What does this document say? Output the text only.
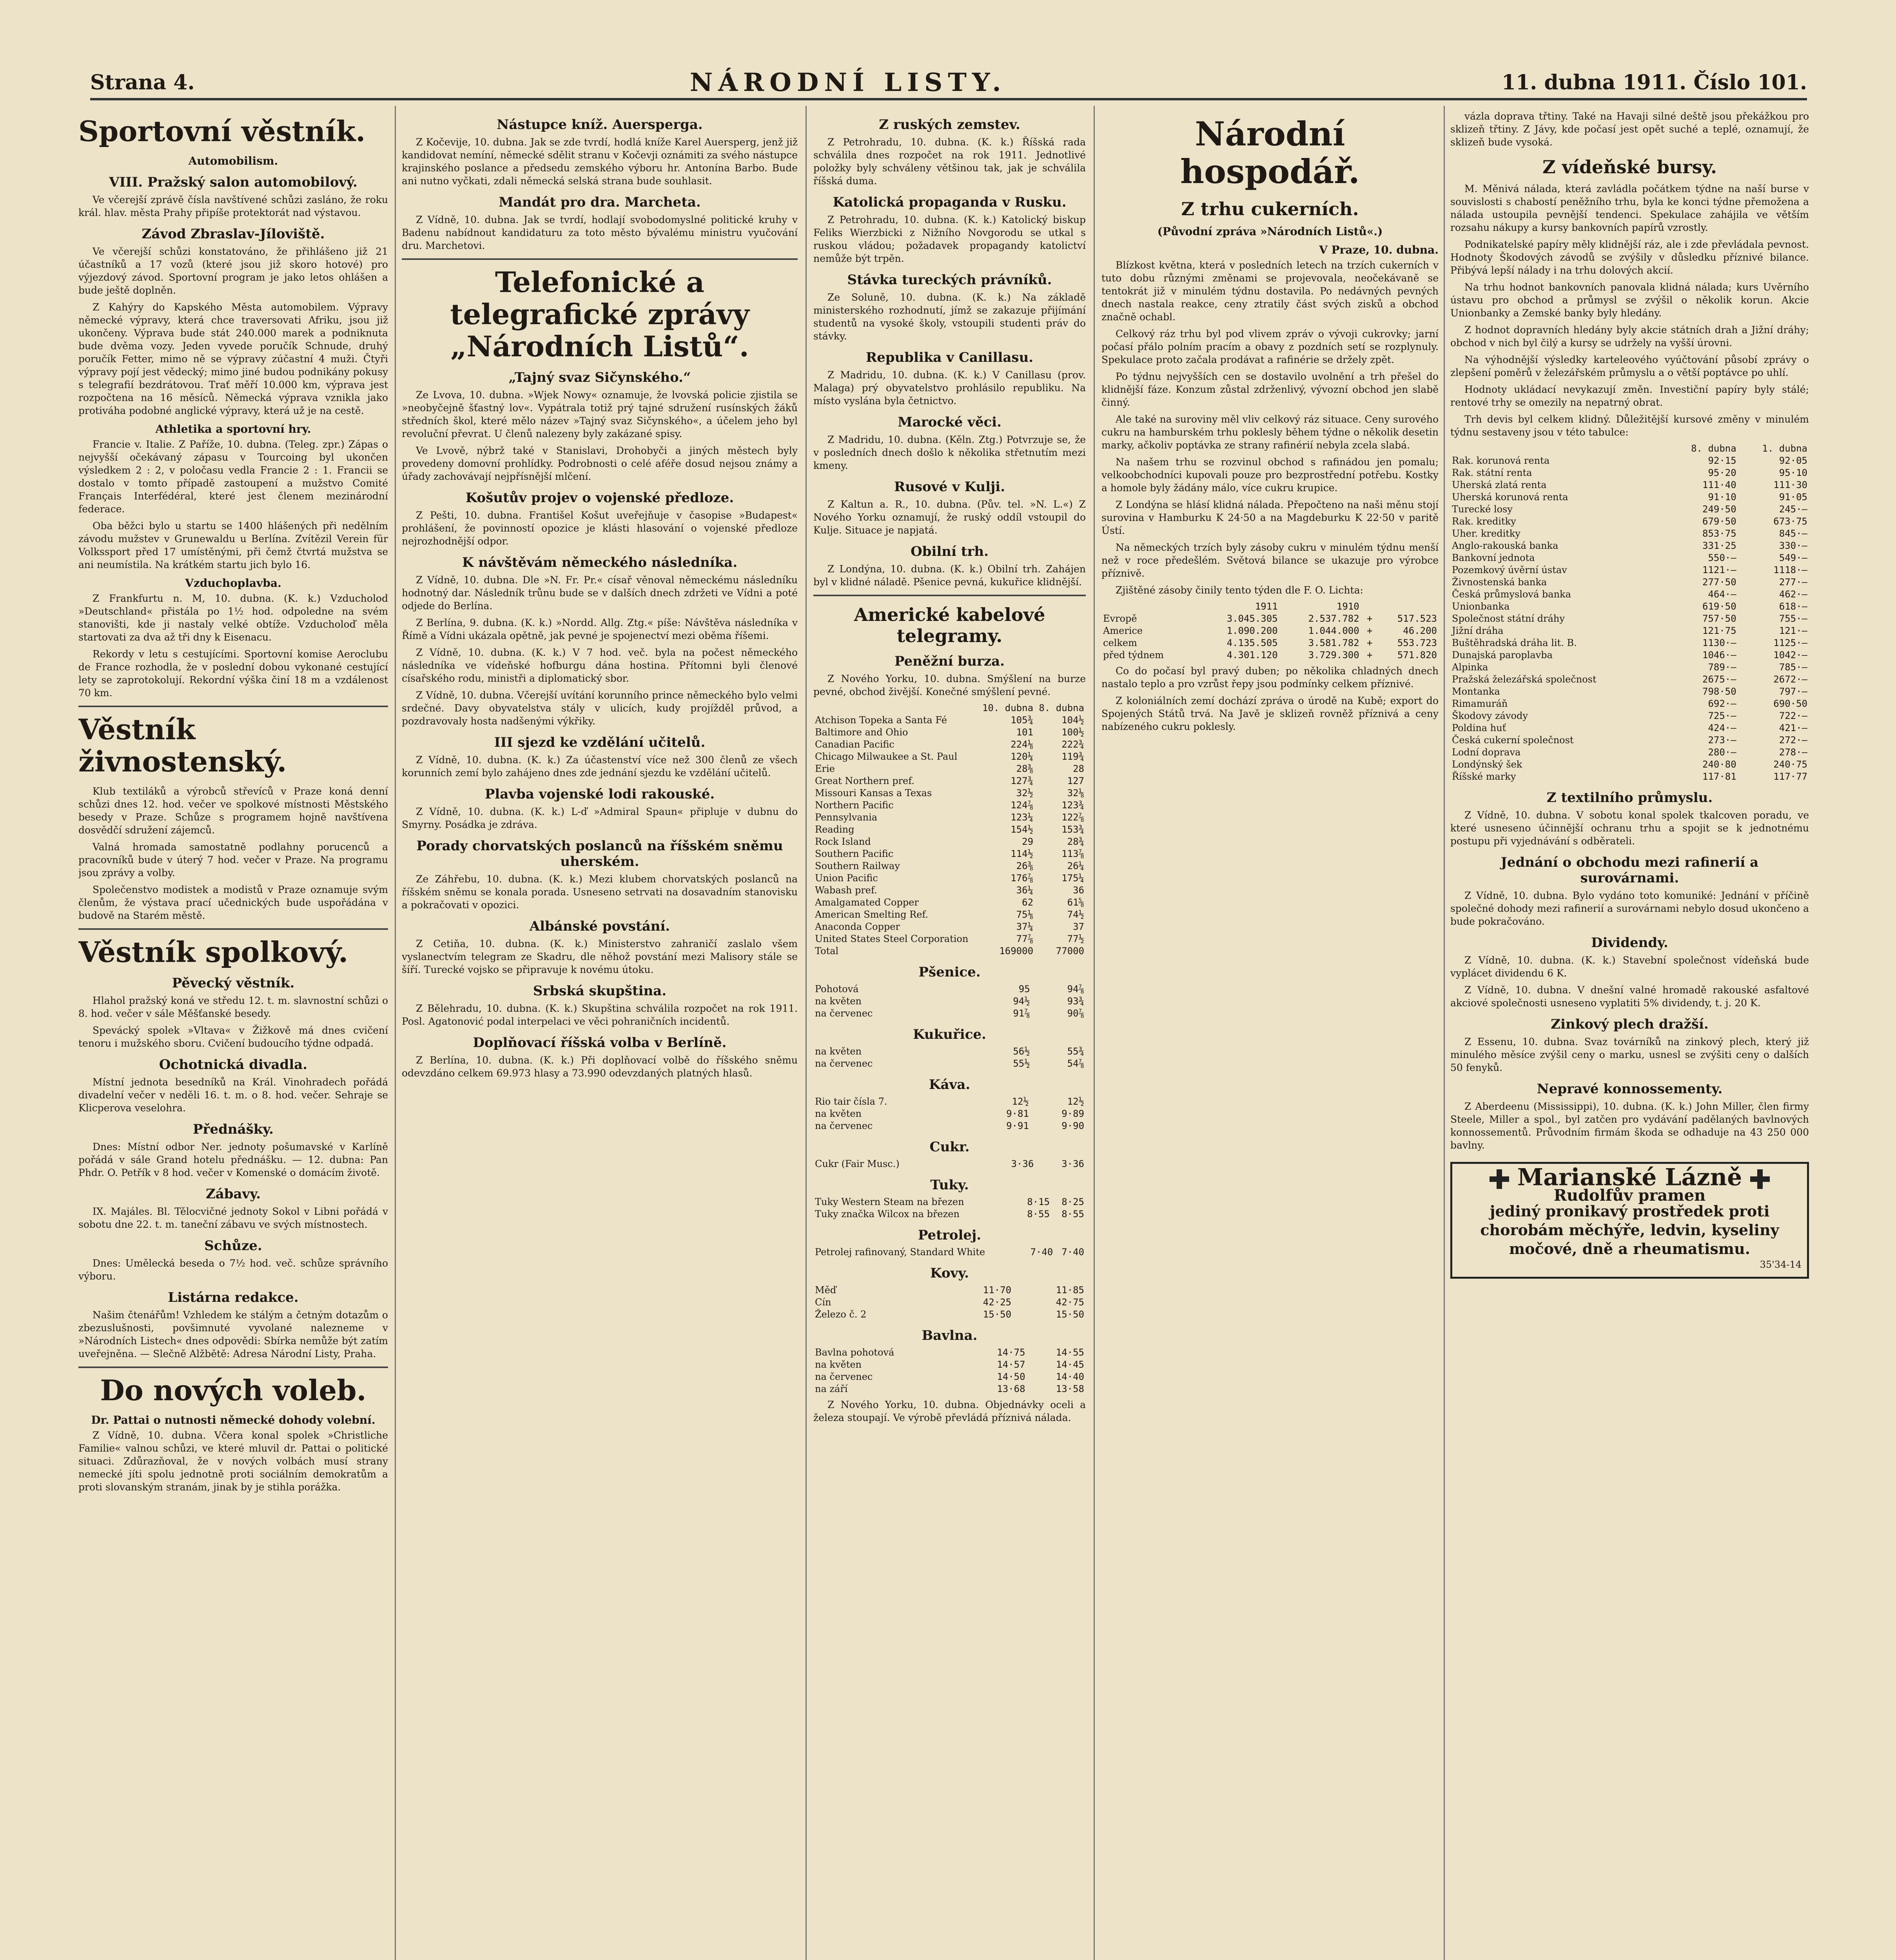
Strana 4.	NÁRODNÍ LISTY.	11. dubna 1911. Číslo 101.
Sportovní věstník.
Automobilism.
VIII. Pražský salon automobilový.

Ve včerejší zprávě čísla navštívené schůzi zasláno, že roku král. hlav. města Prahy připíše protektorát nad výstavou.

Závod Zbraslav-Jíloviště.

Ve včerejší schůzi konstatováno, že přihlášeno již 21 účastníků a 17 vozů (které jsou již skoro hotové) pro výjezdový závod. Sportovní program je jako letos ohlášen a bude ještě doplněn.

Z Kahýry do Kapského Města automobilem. Výpravy německé výpravy, která chce traversovati Afriku, jsou již ukončeny. Výprava bude stát 240.000 marek a podniknuta bude dvěma vozy. Jeden vyvede poručík Schnude, druhý poručík Fetter, mimo ně se výpravy zúčastní 4 muži. Čtyři výpravy pojí jest vědecký; mimo jiné budou podnikány pokusy s telegrafií bezdrátovou. Trať měří 10.000 km, výprava jest rozpočtena na 16 měsíců. Německá výprava vznikla jako protiváha podobné anglické výpravy, která už je na cestě.

Athletika a sportovní hry.

Francie v. Italie. Z Paříže, 10. dubna. (Teleg. zpr.) Zápas o nejvyšší očekávaný zápasu v Tourcoing byl ukončen výsledkem 2 : 2, v poločasu vedla Francie 2 : 1. Francii se dostalo v tomto případě zastoupení a mužstvo Comité Français Interfédéral, které jest členem mezinárodní federace.

Oba běžci bylo u startu se 1400 hlášených při nedělním závodu mužstev v Grunewaldu u Berlína. Zvítězil Verein für Volkssport před 17 umístěnými, při čemž čtvrtá mužstva se ani neumístila. Na krátkém startu jich bylo 16.

Vzduchoplavba.

Z Frankfurtu n. M, 10. dubna. (K. k.) Vzducholoď »Deutschland« přistála po 1½ hod. odpoledne na svém stanovišti, kde ji nastaly velké obtíže. Vzducholoď měla startovati za dva až tři dny k Eisenacu.

Rekordy v letu s cestujícími. Sportovní komise Aeroclubu de France rozhodla, že v poslední dobou vykonané cestující lety se zaprotokolují. Rekordní výška činí 18 m a vzdálenost 70 km.

Věstník živnostenský.

Klub textiláků a výrobců střevíců v Praze koná denní schůzi dnes 12. hod. večer ve spolkové místnosti Městského besedy v Praze. Schůze s programem hojně navštívena dosvědčí sdružení zájemců.

Valná hromada samostatně podlahny porucenců a pracovníků bude v úterý 7 hod. večer v Praze. Na programu jsou zprávy a volby.

Společenstvo modistek a modistů v Praze oznamuje svým členům, že výstava prací učednických bude uspořádána v budově na Starém městě.

Věstník spolkový.
Pěvecký věstník.

Hlahol pražský koná ve středu 12. t. m. slavnostní schůzi o 8. hod. večer v sále Měšťanské besedy.

Spevácký spolek »Vltava« v Žižkově má dnes cvičení tenoru i mužského sboru. Cvičení budoucího týdne odpadá.

Ochotnická divadla.

Místní jednota besedníků na Král. Vinohradech pořádá divadelní večer v neděli 16. t. m. o 8. hod. večer. Sehraje se Klicperova veselohra.

Přednášky.

Dnes: Místní odbor Ner. jednoty pošumavské v Karlíně pořádá v sále Grand hotelu přednášku. — 12. dubna: Pan Phdr. O. Petřík v 8 hod. večer v Komenské o domácím životě.

Zábavy.

IX. Majáles. Bl. Tělocvičné jednoty Sokol v Libni pořádá v sobotu dne 22. t. m. taneční zábavu ve svých místnostech.

Schůze.

Dnes: Umělecká beseda o 7½ hod. več. schůze správního výboru.

Listárna redakce.

Našim čtenářům! Vzhledem ke stálým a četným dotazům o zbezuslušnosti, povšimnuté vyvolané nalezneme v »Národních Listech« dnes odpovědi: Sbírka nemůže být zatím uveřejněna. — Slečně Alžbětě: Adresa Národní Listy, Praha.

Do nových voleb.
Dr. Pattai o nutnosti německé dohody volební.

Z Vídně, 10. dubna. Včera konal spolek »Christliche Familie« valnou schůzi, ve které mluvil dr. Pattai o politické situaci. Zdůrazňoval, že v nových volbách musí strany nemecké jíti spolu jednotně proti sociálním demokratům a proti slovanským stranám, jinak by je stihla porážka.

Nástupce kníž. Auersperga.

Z Kočevije, 10. dubna. Jak se zde tvrdí, hodlá kníže Karel Auersperg, jenž již kandidovat nemíní, německé sdělit stranu v Kočevji oznámiti za svého nástupce krajinského poslance a předsedu zemského výboru hr. Antonína Barbo. Bude ani nutno vyčkati, zdali německá selská strana bude souhlasit.

Mandát pro dra. Marcheta.

Z Vídně, 10. dubna. Jak se tvrdí, hodlají svobodomyslné politické kruhy v Badenu nabídnout kandidaturu za toto město bývalému ministru vyučování dru. Marchetovi.

Telefonické a telegrafické zprávy „Národních Listů“.
„Tajný svaz Sičynského.“

Ze Lvova, 10. dubna. »Wjek Nowy« oznamuje, že lvovská policie zjistila se »neobyčejně šťastný lov«. Vypátrala totiž prý tajné sdružení rusínských žáků středních škol, které mělo název »Tajný svaz Sičynského«, a účelem jeho byl revoluční převrat. U členů nalezeny byly zakázané spisy.

Ve Lvově, nýbrž také v Stanislavi, Drohobyči a jiných městech byly provedeny domovní prohlídky. Podrobnosti o celé aféře dosud nejsou známy a úřady zachovávají nejpřísnější mlčení.

Košutův projev o vojenské předloze.

Z Pešti, 10. dubna. Františel Košut uveřejňuje v časopise »Budapest« prohlášení, že povinností opozice je klásti hlasování o vojenské předloze nejrozhodnější odpor.

K návštěvám německého následníka.

Z Vídně, 10. dubna. Dle »N. Fr. Pr.« císař věnoval německému následníku hodnotný dar. Následník trůnu bude se v dalších dnech zdržeti ve Vídni a poté odjede do Berlína.

Z Berlína, 9. dubna. (K. k.) »Nordd. Allg. Ztg.« píše: Návštěva následníka v Římě a Vídni ukázala opětně, jak pevné je spojenectví mezi oběma říšemi.

Z Vídně, 10. dubna. (K. k.) V 7 hod. več. byla na počest německého následníka ve vídeňské hofburgu dána hostina. Přítomni byli členové císařského rodu, ministři a diplomatický sbor.

Z Vídně, 10. dubna. Včerejší uvítání korunního prince německého bylo velmi srdečné. Davy obyvatelstva stály v ulicích, kudy projížděl průvod, a pozdravovaly hosta nadšenými výkřiky.

III sjezd ke vzdělání učitelů.

Z Vídně, 10. dubna. (K. k.) Za účastenství více než 300 členů ze všech korunních zemí bylo zahájeno dnes zde jednání sjezdu ke vzdělání učitelů.

Plavba vojenské lodi rakouské.

Z Vídně, 10. dubna. (K. k.) L-ď »Admiral Spaun« připluje v dubnu do Smyrny. Posádka je zdráva.

Porady chorvatských poslanců na říšském sněmu uherském.

Ze Záhřebu, 10. dubna. (K. k.) Mezi klubem chorvatských poslanců na říšském sněmu se konala porada. Usneseno setrvati na dosavadním stanovisku a pokračovati v opozici.

Albánské povstání.

Z Cetiňa, 10. dubna. (K. k.) Ministerstvo zahraničí zaslalo všem vyslanectvím telegram ze Skadru, dle něhož povstání mezi Malisory stále se šíří. Turecké vojsko se připravuje k novému útoku.

Srbská skupština.

Z Bělehradu, 10. dubna. (K. k.) Skupština schválila rozpočet na rok 1911. Posl. Agatonović podal interpelaci ve věci pohraničních incidentů.

Doplňovací říšská volba v Berlíně.

Z Berlína, 10. dubna. (K. k.) Při doplňovací volbě do říšského sněmu odevzdáno celkem 69.973 hlasy a 73.990 odevzdaných platných hlasů.

Z ruských zemstev.

Z Petrohradu, 10. dubna. (K. k.) Říšská rada schválila dnes rozpočet na rok 1911. Jednotlivé položky byly schváleny většinou tak, jak je schválila říšská duma.

Katolická propaganda v Rusku.

Z Petrohradu, 10. dubna. (K. k.) Katolický biskup Feliks Wierzbicki z Nižního Novgorodu se utkal s ruskou vládou; požadavek propagandy katolictví nemůže být trpěn.

Stávka tureckých právníků.

Ze Soluně, 10. dubna. (K. k.) Na základě ministerského rozhodnutí, jímž se zakazuje přijímání studentů na vysoké školy, vstoupili studenti práv do stávky.

Republika v Canillasu.

Z Madridu, 10. dubna. (K. k.) V Canillasu (prov. Malaga) prý obyvatelstvo prohlásilo republiku. Na místo vyslána byla četnictvo.

Marocké věci.

Z Madridu, 10. dubna. (Kěln. Ztg.) Potvrzuje se, že v posledních dnech došlo k několika střetnutím mezi kmeny.

Rusové v Kulji.

Z Kaltun a. R., 10. dubna. (Pův. tel. »N. L.«) Z Nového Yorku oznamují, že ruský oddíl vstoupil do Kulje. Situace je napjatá.

Obilní trh.

Z Londýna, 10. dubna. (K. k.) Obilní trh. Zahájen byl v klidné náladě. Pšenice pevná, kukuřice klidnější.

Americké kabelové telegramy.
Peněžní burza.

Z Nového Yorku, 10. dubna. Smýšlení na burze pevné, obchod živější. Konečné smýšlení pevné.

	10. dubna	8. dubna
Atchison Topeka a Santa Fé	105¾	104½
Baltimore and Ohio	101	100½
Canadian Pacific	224⅛	222¾
Chicago Milwaukee a St. Paul	120¼	119¾
Erie	28⅜	28
Great Northern pref.	127¾	127
Missouri Kansas a Texas	32½	32⅛
Northern Pacific	124⅞	123¾
Pennsylvania	123¼	122⅞
Reading	154½	153¾
Rock Island	29	28¾
Southern Pacific	114½	113⅞
Southern Railway	26⅜	26¼
Union Pacific	176⅞	175¼
Wabash pref.	36¼	36
Amalgamated Copper	62	61⅝
American Smelting Ref.	75⅛	74½
Anaconda Copper	37¼	37
United States Steel Corporation	77⅞	77½
Total	169000	77000
Pšenice.
Pohotová	95	94⅞
na květen	94½	93¾
na červenec	91⅞	90⅞
Kukuřice.
na květen	56½	55¾
na červenec	55½	54⅞
Káva.
Rio tair čísla 7.	12½	12½
na květen	9·81	9·89
na červenec	9·91	9·90
Cukr.
Cukr (Fair Musc.)	3·36	3·36
Tuky.
Tuky Western Steam na březen	8·15	8·25
Tuky značka Wilcox na březen	8·55	8·55
Petrolej.
Petrolej rafinovaný, Standard White	7·40	7·40
Kovy.
Měď	11·70	11·85
Cín	42·25	42·75
Železo č. 2	15·50	15·50
Bavlna.
Bavlna pohotová	14·75	14·55
na květen	14·57	14·45
na červenec	14·50	14·40
na září	13·68	13·58

Z Nového Yorku, 10. dubna. Objednávky oceli a železa stoupají. Ve výrobě převládá příznivá nálada.

Národní hospodář.
Z trhu cukerních.
(Původní zpráva »Národních Listů«.)
V Praze, 10. dubna.

Blízkost května, která v posledních letech na trzích cukerních v tuto dobu různými změnami se projevovala, neočekávaně se tentokrát již v minulém týdnu dostavila. Po nedávných pevných dnech nastala reakce, ceny ztratily část svých zisků a obchod značně ochabl.

Celkový ráz trhu byl pod vlivem zpráv o vývoji cukrovky; jarní počasí přálo polním pracím a obavy z pozdních setí se rozplynuly. Spekulace proto začala prodávat a rafinérie se držely zpět.

Po týdnu nejvyšších cen se dostavilo uvolnění a trh přešel do klidnější fáze. Konzum zůstal zdrženlivý, vývozní obchod jen slabě činný.

Ale také na suroviny měl vliv celkový ráz situace. Ceny surového cukru na hamburském trhu poklesly během týdne o několik desetin marky, ačkoliv poptávka ze strany rafinérií nebyla zcela slabá.

Na našem trhu se rozvinul obchod s rafinádou jen pomalu; velkoobchodníci kupovali pouze pro bezprostřední potřebu. Kostky a homole byly žádány málo, více cukru krupice.

Z Londýna se hlásí klidná nálada. Přepočteno na naši měnu stojí surovina v Hamburku K 24·50 a na Magdeburku K 22·50 v paritě Ústí.

Na německých trzích byly zásoby cukru v minulém týdnu menší než v roce předešlém. Světová bilance se ukazuje pro výrobce příznivě.

Zjištěné zásoby činily tento týden dle F. O. Lichta:

	1911	1910		
Evropě	3.045.305	2.537.782	+	517.523
Americe	1.090.200	1.044.000	+	46.200
celkem	4.135.505	3.581.782	+	553.723
před týdnem	4.301.120	3.729.300	+	571.820

Co do počasí byl pravý duben; po několika chladných dnech nastalo teplo a pro vzrůst řepy jsou podmínky celkem příznivé.

Z koloniálních zemí dochází zpráva o úrodě na Kubě; export do Spojených Států trvá. Na Javě je sklizeň rovněž příznivá a ceny nabízeného cukru poklesly.

vázla doprava třtiny. Také na Havaji silné deště jsou překážkou pro sklizeň třtiny. Z Jávy, kde počasí jest opět suché a teplé, oznamují, že sklizeň bude vysoká.

Z vídeňské bursy.

M. Měnivá nálada, která zavládla počátkem týdne na naší burse v souvislosti s chabostí peněžního trhu, byla ke konci týdne přemožena a nálada ustoupila pevnější tendenci. Spekulace zahájila ve větším rozsahu nákupy a kursy bankovních papírů vzrostly.

Podnikatelské papíry měly klidnější ráz, ale i zde převládala pevnost. Hodnoty Škodových závodů se zvýšily v důsledku příznivé bilance. Přibývá lepší nálady i na trhu dolových akcií.

Na trhu hodnot bankovních panovala klidná nálada; kurs Uvěrního ústavu pro obchod a průmysl se zvýšil o několik korun. Akcie Unionbanky a Zemské banky byly hledány.

Z hodnot dopravních hledány byly akcie státních drah a Jižní dráhy; obchod v nich byl čilý a kursy se udržely na vyšší úrovni.

Na výhodnější výsledky karteleového vyúčtování působí zprávy o zlepšení poměrů v železářském průmyslu a o větší poptávce po uhlí.

Hodnoty ukládací nevykazují změn. Investiční papíry byly stálé; rentové trhy se omezily na nepatrný obrat.

Trh devis byl celkem klidný. Důležitější kursové změny v minulém týdnu sestaveny jsou v této tabulce:

	8. dubna	1. dubna
Rak. korunová renta	92·15	92·05
Rak. státní renta	95·20	95·10
Uherská zlatá renta	111·40	111·30
Uherská korunová renta	91·10	91·05
Turecké losy	249·50	245·—
Rak. kreditky	679·50	673·75
Uher. kreditky	853·75	845·—
Anglo-rakouská banka	331·25	330·—
Bankovní jednota	550·—	549·—
Pozemkový úvěrní ústav	1121·—	1118·—
Živnostenská banka	277·50	277·—
Česká průmyslová banka	464·—	462·—
Unionbanka	619·50	618·—
Společnost státní dráhy	757·50	755·—
Jižní dráha	121·75	121·—
Buštěhradská dráha lit. B.	1130·—	1125·—
Dunajská paroplavba	1046·—	1042·—
Alpinka	789·—	785·—
Pražská železářská společnost	2675·—	2672·—
Montanka	798·50	797·—
Rimamuráň	692·—	690·50
Škodovy závody	725·—	722·—
Poldina huť	424·—	421·—
Česká cukerní společnost	273·—	272·—
Lodní doprava	280·—	278·—
Londýnský šek	240·80	240·75
Říšské marky	117·81	117·77
Z textilního průmyslu.

Z Vídně, 10. dubna. V sobotu konal spolek tkalcoven poradu, ve které usneseno účinnější ochranu trhu a spojit se k jednotnému postupu při vyjednávání s odběrateli.

Jednání o obchodu mezi rafinerií a surovárnami.

Z Vídně, 10. dubna. Bylo vydáno toto komuniké: Jednání v příčině společné dohody mezi rafinerií a surovárnami nebylo dosud ukončeno a bude pokračováno.

Dividendy.

Z Vídně, 10. dubna. (K. k.) Stavební společnost vídeňská bude vyplácet dividendu 6 K.

Z Vídně, 10. dubna. V dnešní valné hromadě rakouské asfaltové akciové společnosti usneseno vyplatiti 5% dividendy, t. j. 20 K.

Zinkový plech dražší.

Z Essenu, 10. dubna. Svaz továrníků na zinkový plech, který již minulého měsíce zvýšil ceny o marku, usnesl se zvýšiti ceny o dalších 50 fenyků.

Nepravé konnossementy.

Z Aberdeenu (Mississippi), 10. dubna. (K. k.) John Miller, člen firmy Steele, Miller a spol., byl zatčen pro vydávání padělaných bavlnových konnossementů. Průvodním firmám škoda se odhaduje na 43 250 000 bavlny.

Marianské Lázně
Rudolfův pramen
jediný pronikavý prostředek proti chorobám měchýře, ledvin, kyseliny močové, dně a rheumatismu.
35'34-14
